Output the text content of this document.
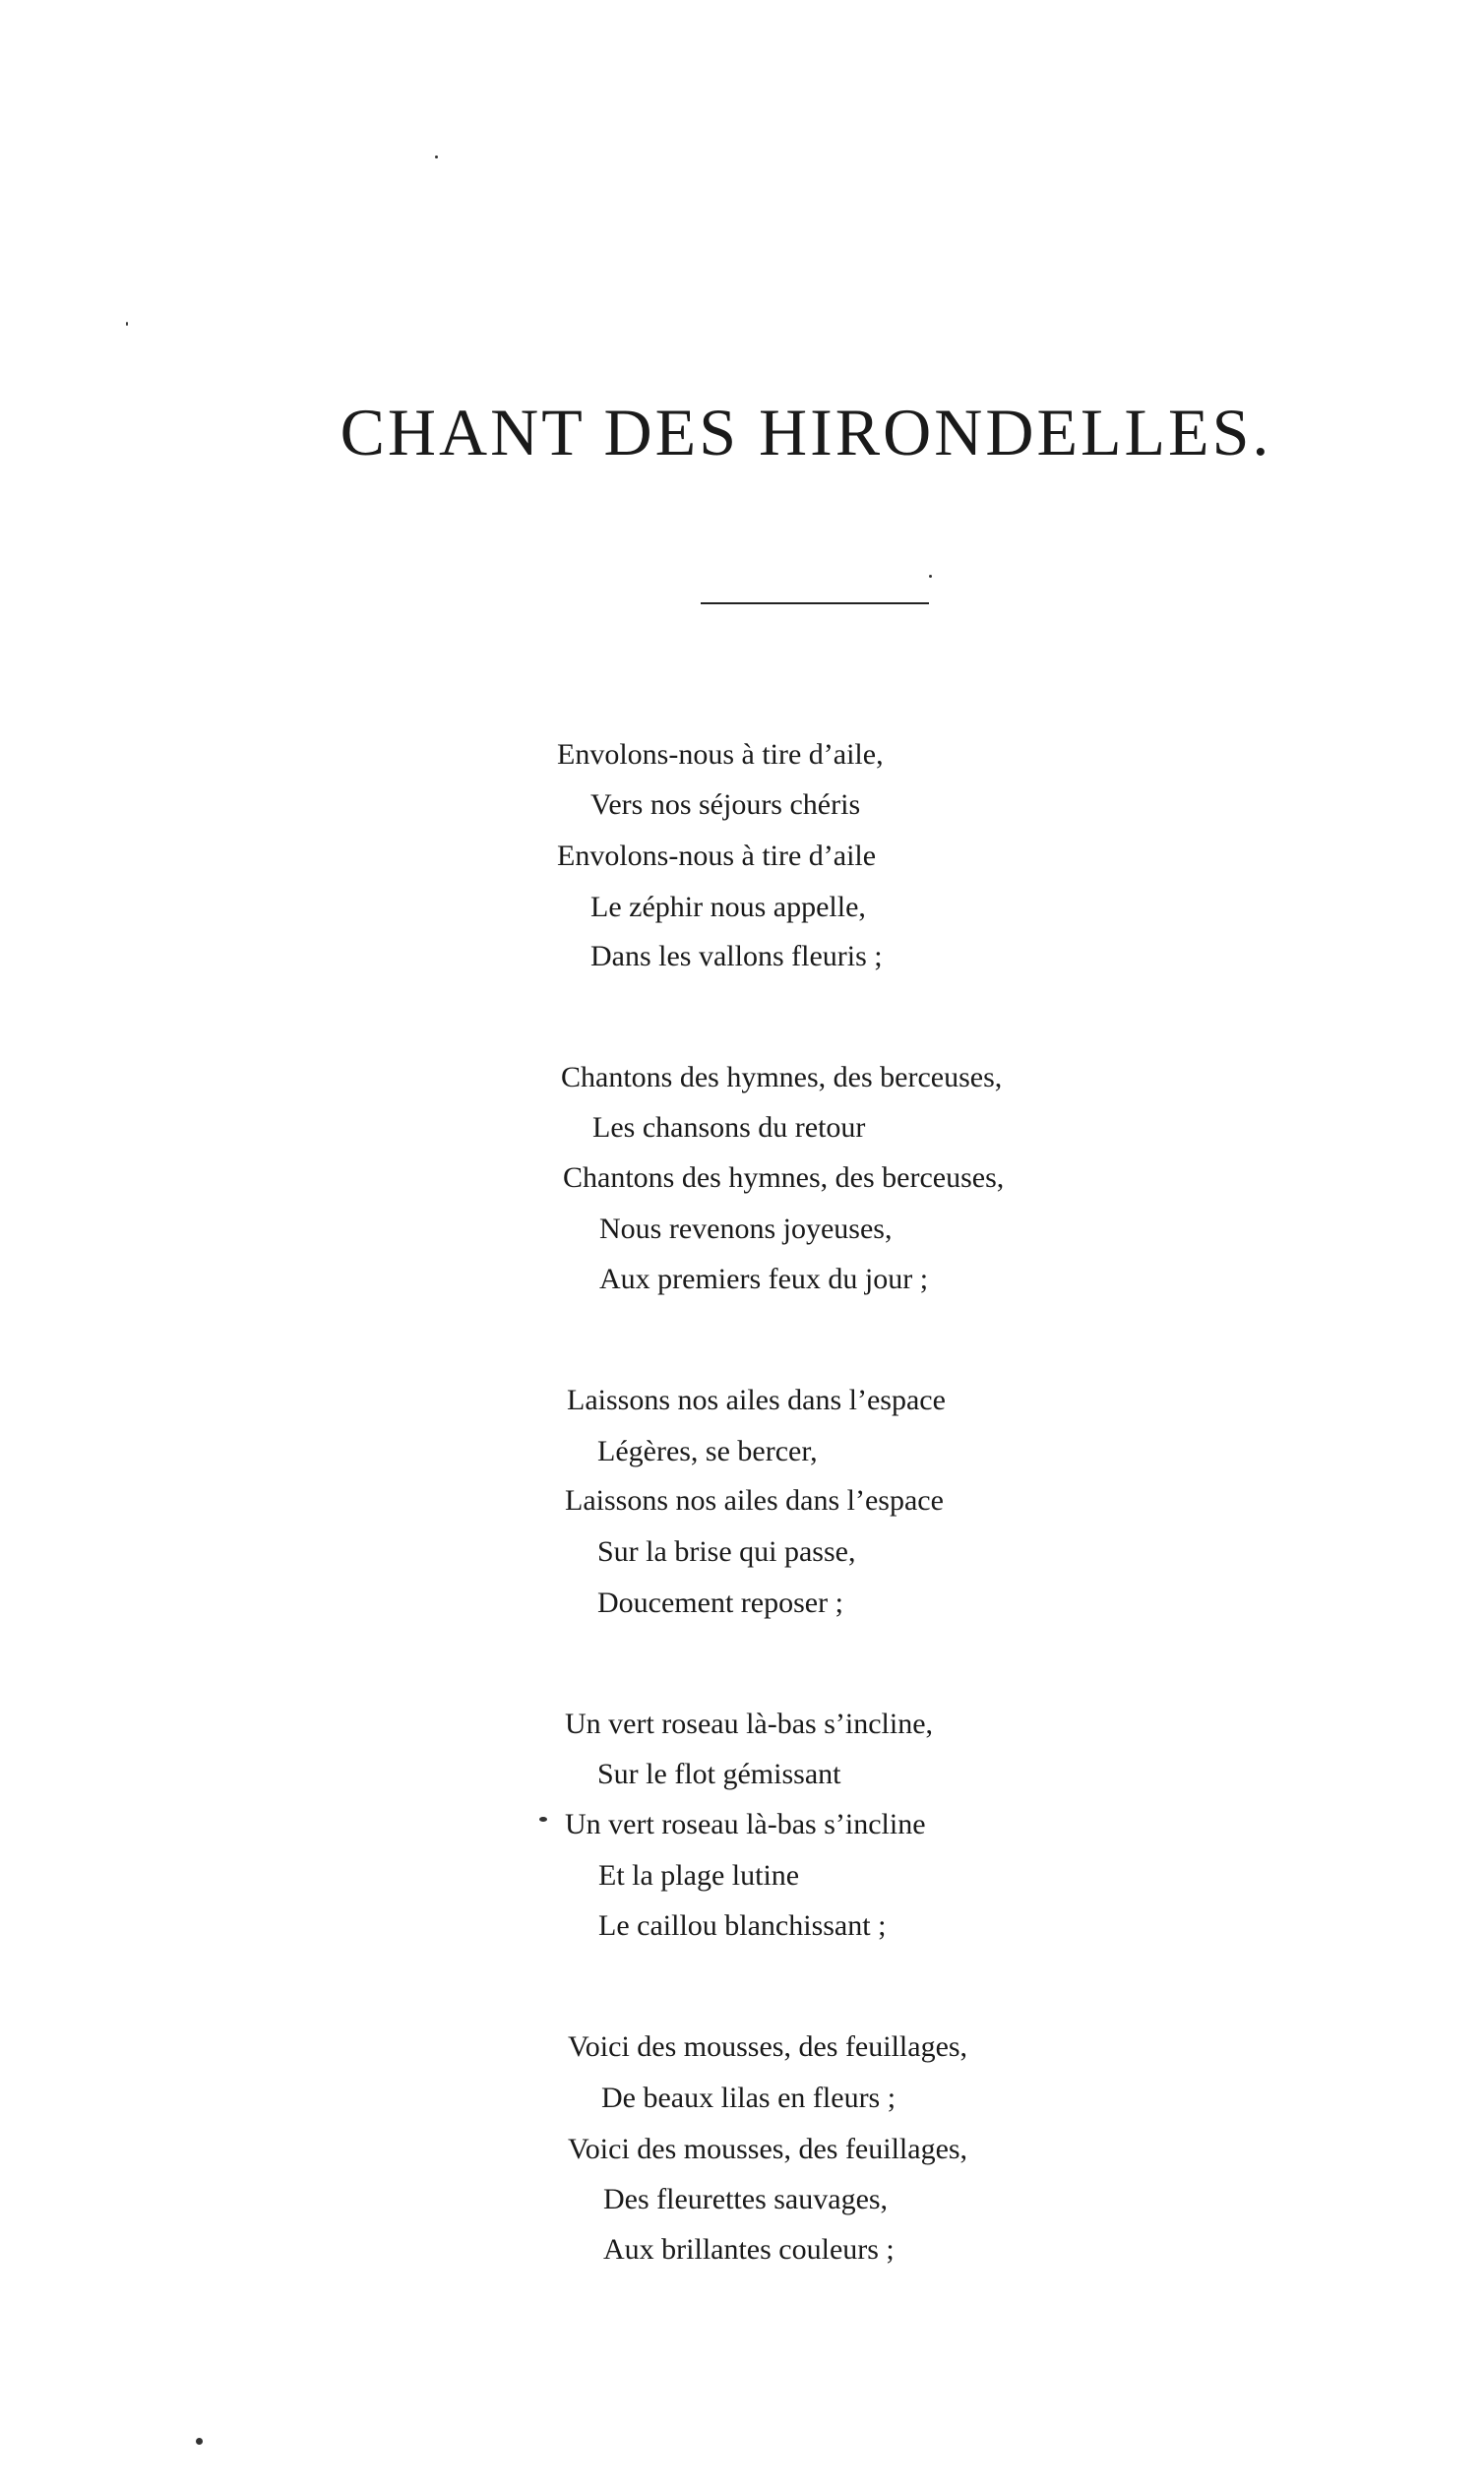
CHANT DES HIRONDELLES.
Envolons-nous à tire d’aile,
Vers nos séjours chéris
Envolons-nous à tire d’aile
Le zéphir nous appelle,
Dans les vallons fleuris ;
Chantons des hymnes, des berceuses,
Les chansons du retour
Chantons des hymnes, des berceuses,
Nous revenons joyeuses,
Aux premiers feux du jour ;
Laissons nos ailes dans l’espace
Légères, se bercer,
Laissons nos ailes dans l’espace
Sur la brise qui passe,
Doucement reposer ;
Un vert roseau là-bas s’incline,
Sur le flot gémissant
Un vert roseau là-bas s’incline
Et la plage lutine
Le caillou blanchissant ;
Voici des mousses, des feuillages,
De beaux lilas en fleurs ;
Voici des mousses, des feuillages,
Des fleurettes sauvages,
Aux brillantes couleurs ;
